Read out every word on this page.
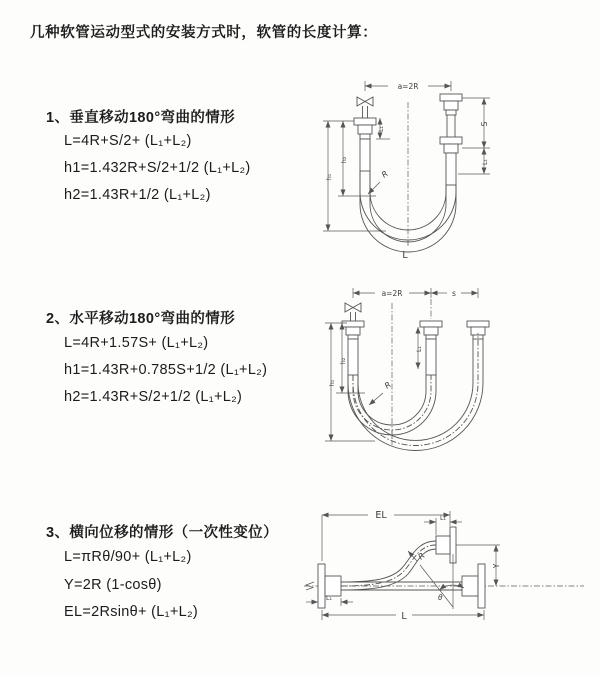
几种软管运动型式的安装方式时，软管的长度计算：
1、垂直移动180°弯曲的情形
L=4R+S/2+ (L₁+L₂)
h1=1.432R+S/2+1/2 (L₁+L₂)
h2=1.43R+1/2 (L₁+L₂)
2、水平移动180°弯曲的情形
L=4R+1.57S+ (L₁+L₂)
h1=1.43R+0.785S+1/2 (L₁+L₂)
h2=1.43R+S/2+1/2 (L₁+L₂)
3、横向位移的情形（一次性变位）
L=πRθ/90+ (L₁+L₂)
Y=2R (1-cosθ)
EL=2Rsinθ+ (L₁+L₂)
a=2R
S
L₁
L₁
h₂
h₁	R
L
a=2R	s
h₁
h₂
L₁
R
EL	L₁
Y
θ
R
L
L₁
